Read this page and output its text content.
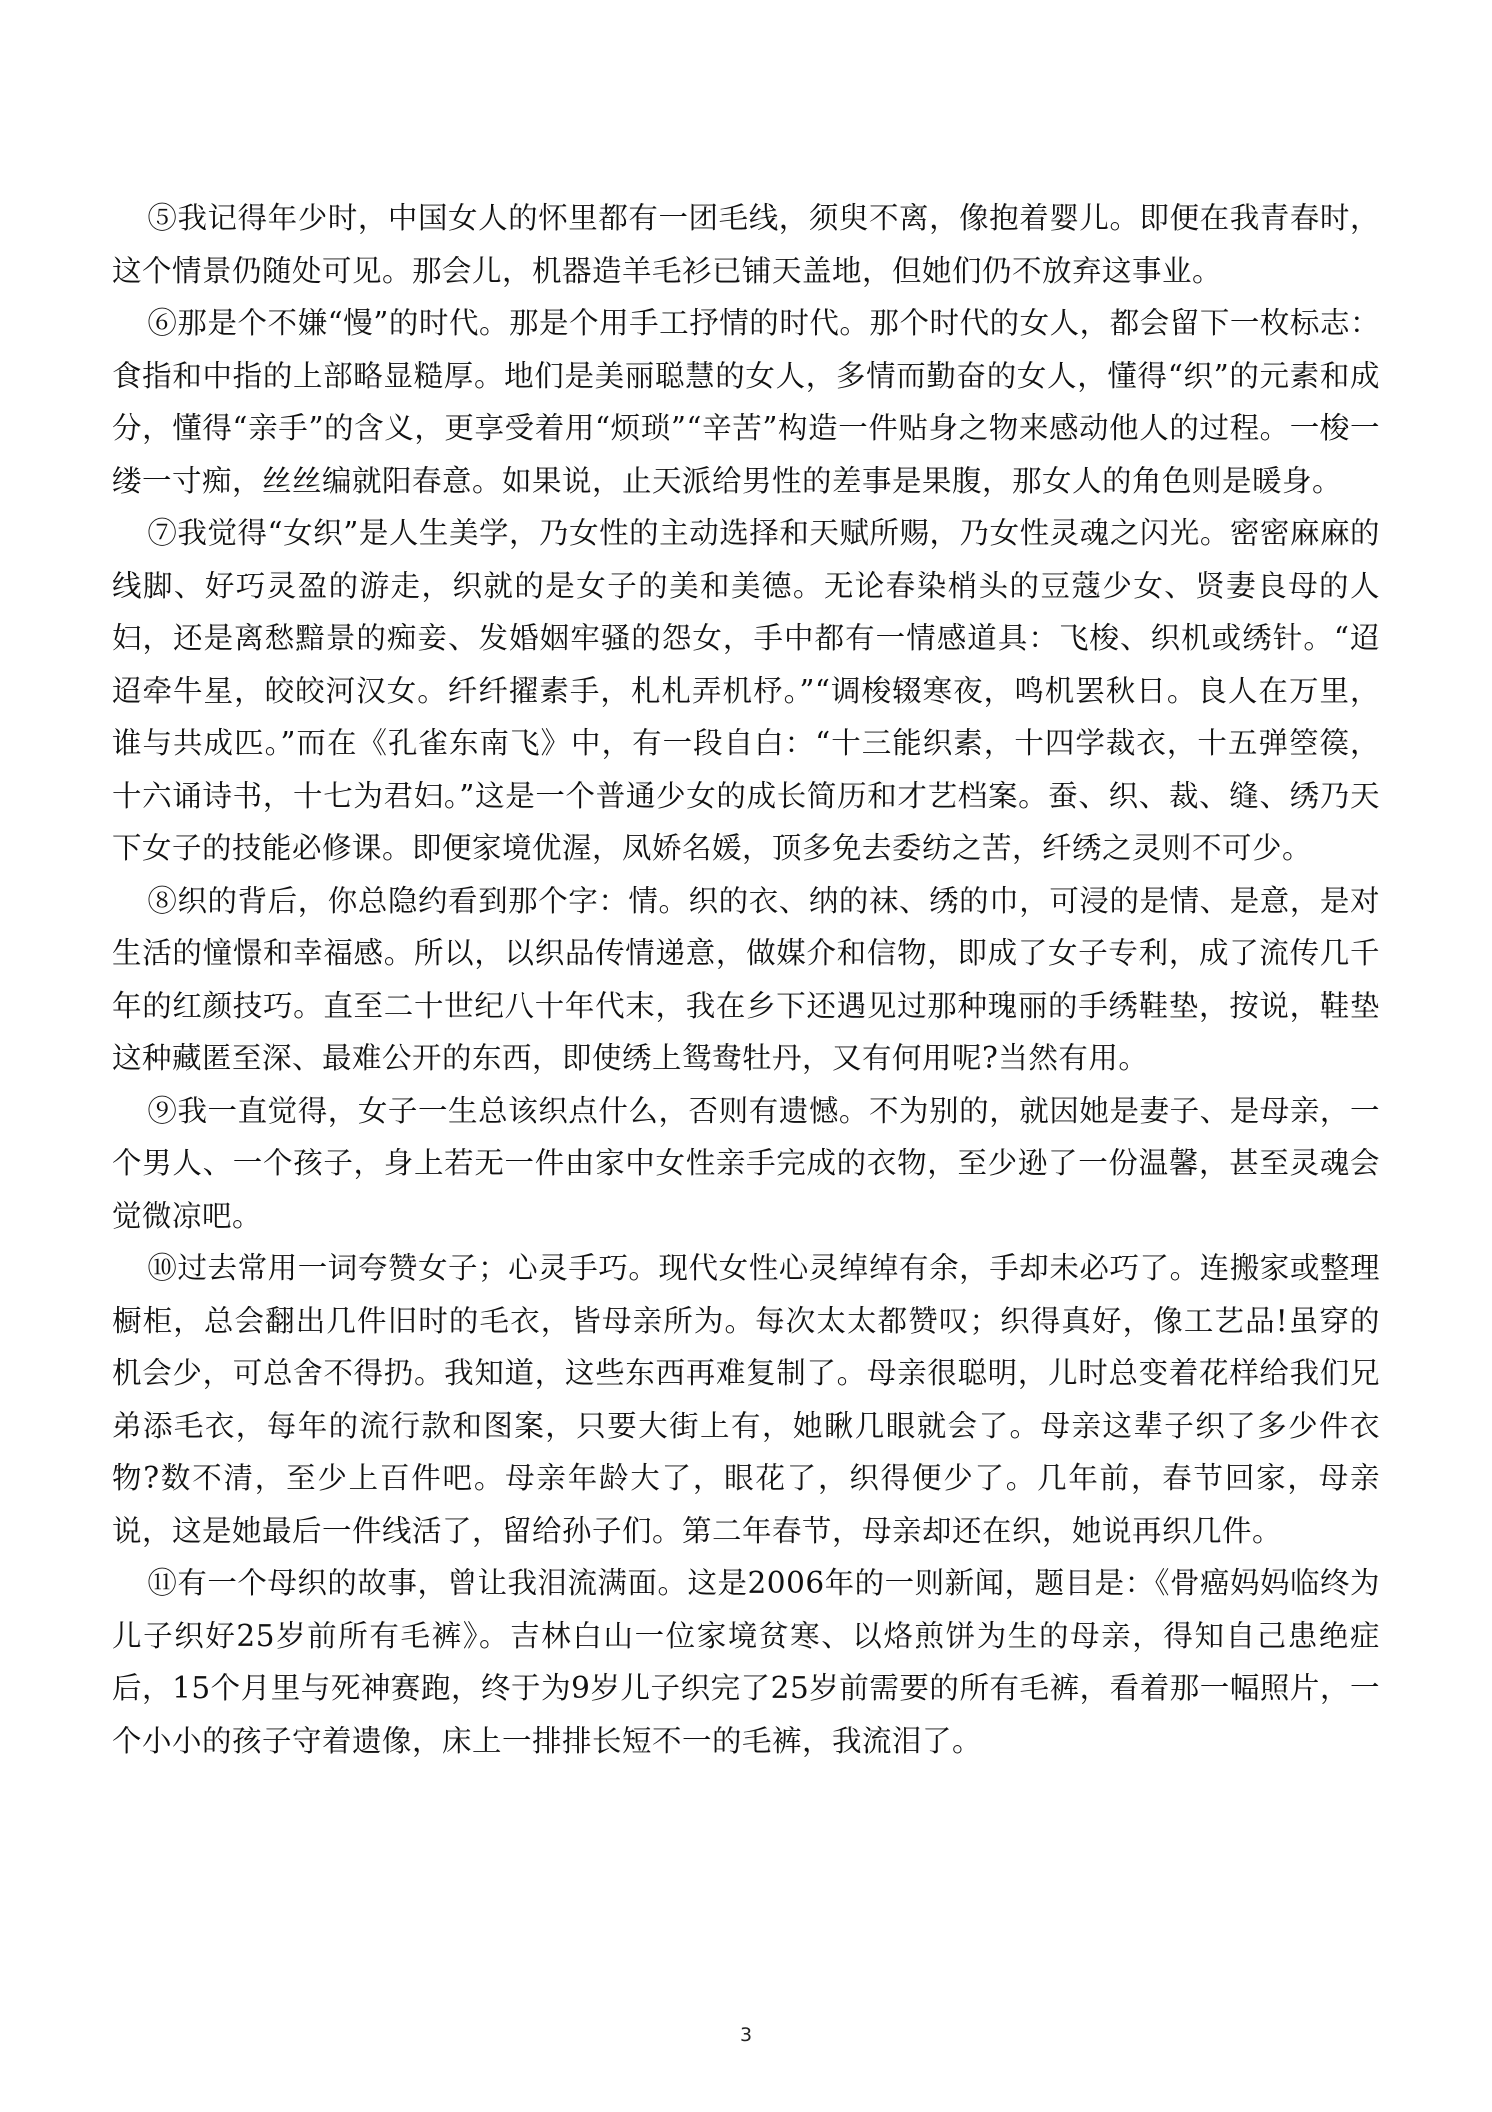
⑤我记得年少时，中国女人的怀里都有一团毛线，须臾不离，像抱着婴儿。即便在我青春时，这个情景仍随处可见。那会儿，机器造羊毛衫已铺天盖地，但她们仍不放弃这事业。

⑥那是个不嫌“慢”的时代。那是个用手工抒情的时代。那个时代的女人，都会留下一枚标志：食指和中指的上部略显糙厚。地们是美丽聪慧的女人，多情而勤奋的女人，懂得“织”的元素和成分，懂得“亲手”的含义，更享受着用“烦琐”“辛苦”构造一件贴身之物来感动他人的过程。一梭一缕一寸痴，丝丝编就阳春意。如果说，止天派给男性的差事是果腹，那女人的角色则是暖身。

⑦我觉得“女织”是人生美学，乃女性的主动选择和天赋所赐，乃女性灵魂之闪光。密密麻麻的线脚、好巧灵盈的游走，织就的是女子的美和美德。无论春染梢头的豆蔻少女、贤妻良母的人妇，还是离愁黯景的痴妾、发婚姻牢骚的怨女，手中都有一情感道具：飞梭、织机或绣针。“迢迢牵牛星，皎皎河汉女。纤纤擢素手，札札弄机杼。”“调梭辍寒夜，鸣机罢秋日。良人在万里，谁与共成匹。”而在《孔雀东南飞》中，有一段自白：“十三能织素，十四学裁衣，十五弹箜篌，十六诵诗书，十七为君妇。”这是一个普通少女的成长简历和才艺档案。蚕、织、裁、缝、绣乃天下女子的技能必修课。即便家境优渥，凤娇名媛，顶多免去委纺之苦，纤绣之灵则不可少。

⑧织的背后，你总隐约看到那个字：情。织的衣、纳的袜、绣的巾，可浸的是情、是意，是对生活的憧憬和幸福感。所以，以织品传情递意，做媒介和信物，即成了女子专利，成了流传几千年的红颜技巧。直至二十世纪八十年代末，我在乡下还遇见过那种瑰丽的手绣鞋垫，按说，鞋垫这种藏匿至深、最难公开的东西，即使绣上鸳鸯牡丹，又有何用呢?当然有用。

⑨我一直觉得，女子一生总该织点什么，否则有遗憾。不为别的，就因她是妻子、是母亲，一个男人、一个孩子，身上若无一件由家中女性亲手完成的衣物，至少逊了一份温馨，甚至灵魂会觉微凉吧。

⑩过去常用一词夸赞女子；心灵手巧。现代女性心灵绰绰有余，手却未必巧了。连搬家或整理橱柜，总会翻出几件旧时的毛衣，皆母亲所为。每次太太都赞叹；织得真好，像工艺品!虽穿的机会少，可总舍不得扔。我知道，这些东西再难复制了。母亲很聪明，儿时总变着花样给我们兄弟添毛衣，每年的流行款和图案，只要大街上有，她瞅几眼就会了。母亲这辈子织了多少件衣物?数不清，至少上百件吧。母亲年龄大了，眼花了，织得便少了。几年前，春节回家，母亲说，这是她最后一件线活了，留给孙子们。第二年春节，母亲却还在织，她说再织几件。

⑪有一个母织的故事，曾让我泪流满面。这是2006年的一则新闻，题目是：《骨癌妈妈临终为儿子织好25岁前所有毛裤》。吉林白山一位家境贫寒、以烙煎饼为生的母亲，得知自己患绝症后，15个月里与死神赛跑，终于为9岁儿子织完了25岁前需要的所有毛裤，看着那一幅照片，一个小小的孩子守着遗像，床上一排排长短不一的毛裤，我流泪了。

3
